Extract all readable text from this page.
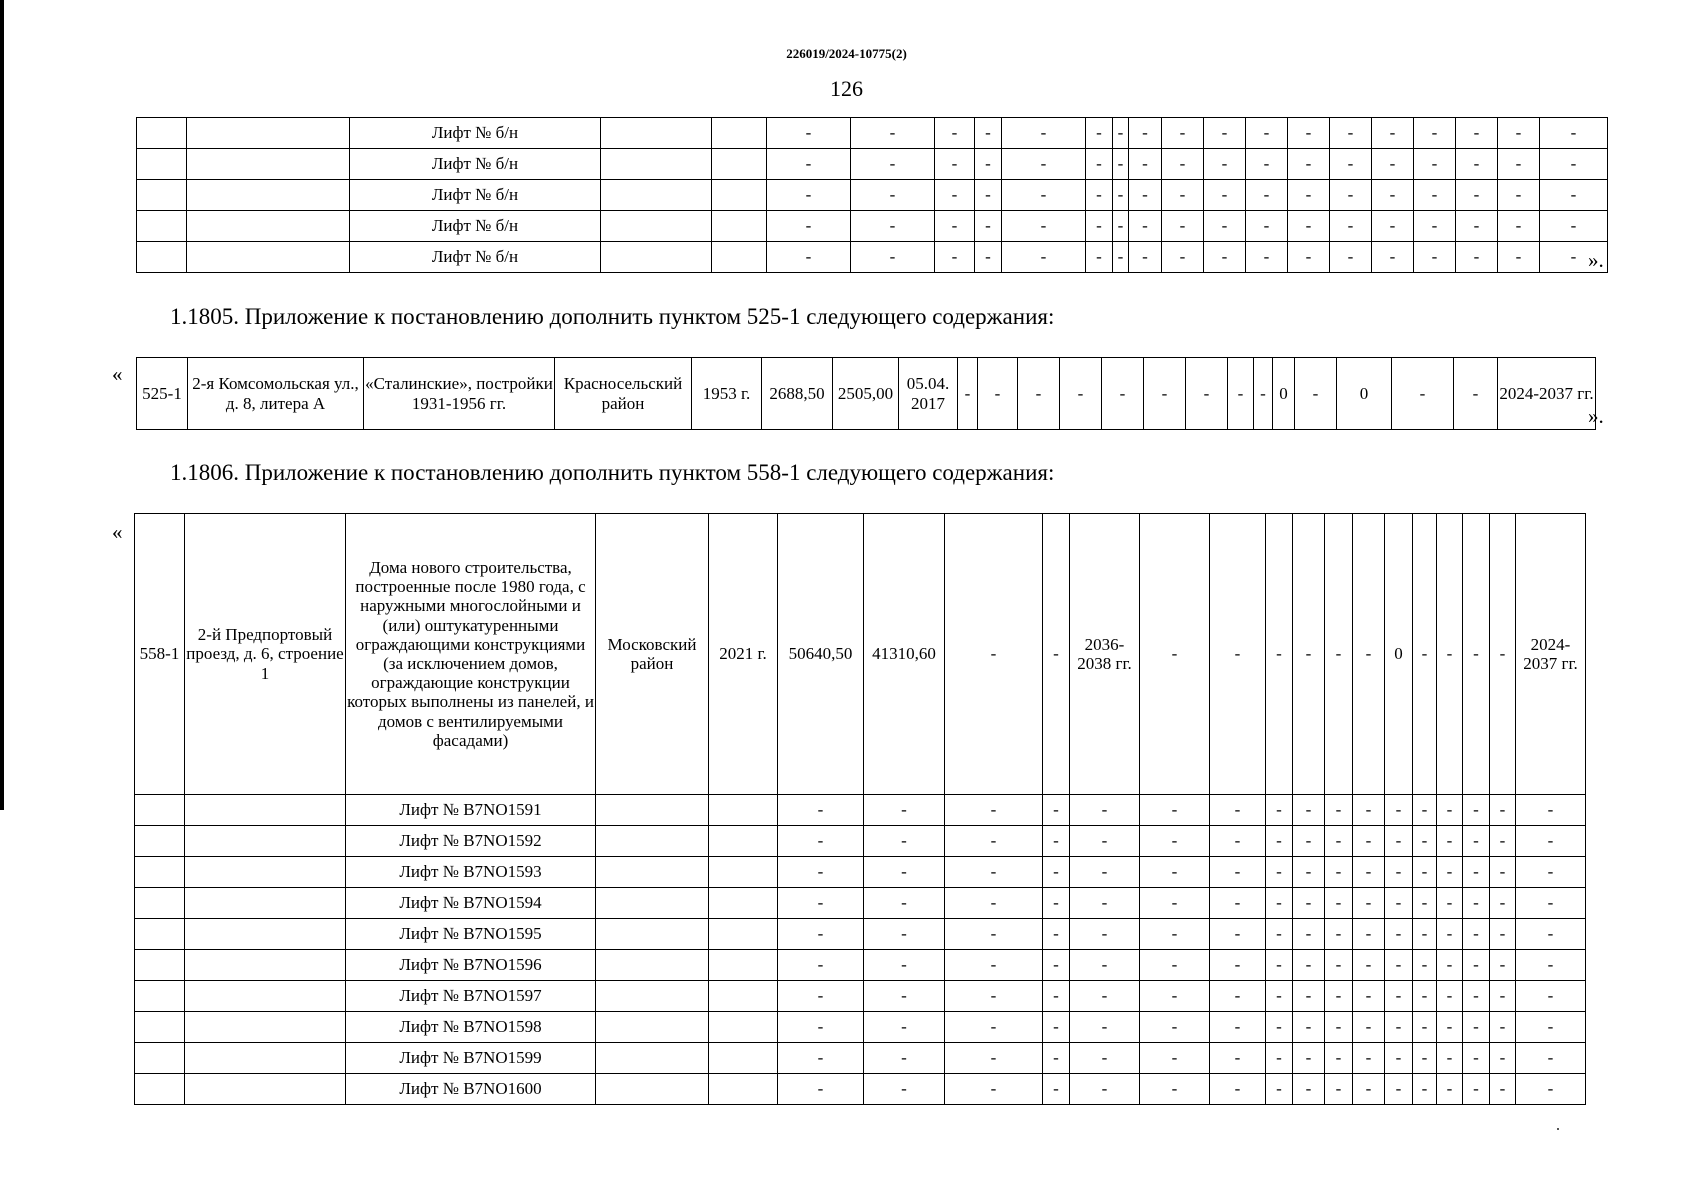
226019/2024-10775(2)
126
		Лифт № б/н			-	-	-	-	-	-	-	-	-	-	-	-	-	-	-	-	-	-
		Лифт № б/н			-	-	-	-	-	-	-	-	-	-	-	-	-	-	-	-	-	-
		Лифт № б/н			-	-	-	-	-	-	-	-	-	-	-	-	-	-	-	-	-	-
		Лифт № б/н			-	-	-	-	-	-	-	-	-	-	-	-	-	-	-	-	-	-
		Лифт № б/н			-	-	-	-	-	-	-	-	-	-	-	-	-	-	-	-	-	- ».
1.1805. Приложение к постановлению дополнить пунктом 525-1 следующего содержания:
«
525-1	2-я Комсомольская ул., д. 8, литера А	«Сталинские», постройки 1931-1956 гг.	Красносельский район	1953 г.	2688,50	2505,00	05.04. 2017	-	-	-	-	-	-	-	-	-	0	-	0	-	-	2024-2037 гг.
».
1.1806. Приложение к постановлению дополнить пунктом 558-1 следующего содержания:
«
558-1	2-й Предпортовый проезд, д. 6, строение 1	Дома нового строительства, построенные после 1980 года, с наружными многослойными и (или) оштукатуренными ограждающими конструкциями (за исключением домов, ограждающие конструкции которых выполнены из панелей, и домов с вентилируемыми фасадами)	Московский район	2021 г.	50640,50	41310,60	-	-	2036-2038 гг.	-	-	-	-	-	-	0	-	-	-	-	2024-2037 гг.
		Лифт № B7NO1591			-	-	-	-	-	-	-	-	-	-	-	-	-	-	-	-	-
		Лифт № B7NO1592			-	-	-	-	-	-	-	-	-	-	-	-	-	-	-	-	-
		Лифт № B7NO1593			-	-	-	-	-	-	-	-	-	-	-	-	-	-	-	-	-
		Лифт № B7NO1594			-	-	-	-	-	-	-	-	-	-	-	-	-	-	-	-	-
		Лифт № B7NO1595			-	-	-	-	-	-	-	-	-	-	-	-	-	-	-	-	-
		Лифт № B7NO1596			-	-	-	-	-	-	-	-	-	-	-	-	-	-	-	-	-
		Лифт № B7NO1597			-	-	-	-	-	-	-	-	-	-	-	-	-	-	-	-	-
		Лифт № B7NO1598			-	-	-	-	-	-	-	-	-	-	-	-	-	-	-	-	-
		Лифт № B7NO1599			-	-	-	-	-	-	-	-	-	-	-	-	-	-	-	-	-
		Лифт № B7NO1600			-	-	-	-	-	-	-	-	-	-	-	-	-	-	-	-	-
